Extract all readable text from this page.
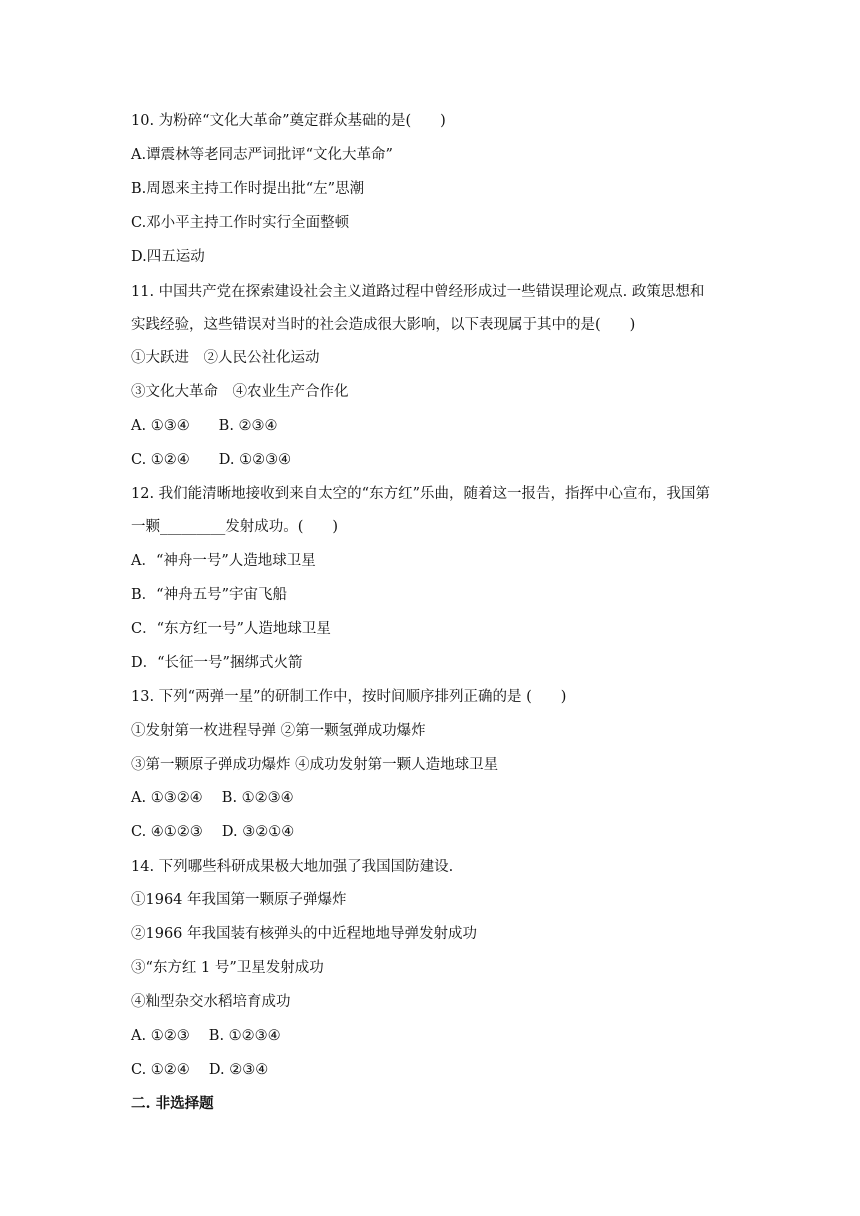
10. 为粉碎“文化大革命”奠定群众基础的是(　　)
A.谭震林等老同志严词批评“文化大革命”
B.周恩来主持工作时提出批“左”思潮
C.邓小平主持工作时实行全面整顿
D.四五运动
11. 中国共产党在探索建设社会主义道路过程中曾经形成过一些错误理论观点. 政策思想和
实践经验，这些错误对当时的社会造成很大影响，以下表现属于其中的是(　　)
①大跃进　②人民公社化运动
③文化大革命　④农业生产合作化
A. ①③④　　B. ②③④
C. ①②④　　D. ①②③④
12. 我们能清晰地接收到来自太空的“东方红”乐曲，随着这一报告，指挥中心宣布，我国第
一颗_________发射成功。(　　)
A．“神舟一号”人造地球卫星
B．“神舟五号”宇宙飞船
C．“东方红一号”人造地球卫星
D．“长征一号”捆绑式火箭
13. 下列“两弹一星”的研制工作中，按时间顺序排列正确的是 (　　)
①发射第一枚进程导弹 ②第一颗氢弹成功爆炸
③第一颗原子弹成功爆炸 ④成功发射第一颗人造地球卫星
A. ①③②④　 B. ①②③④
C. ④①②③　 D. ③②①④
14. 下列哪些科研成果极大地加强了我国国防建设.
①1964 年我国第一颗原子弹爆炸
②1966 年我国装有核弹头的中近程地地导弹发射成功
③“东方红 1 号”卫星发射成功
④籼型杂交水稻培育成功
A. ①②③　 B. ①②③④
C. ①②④　 D. ②③④
二. 非选择题
